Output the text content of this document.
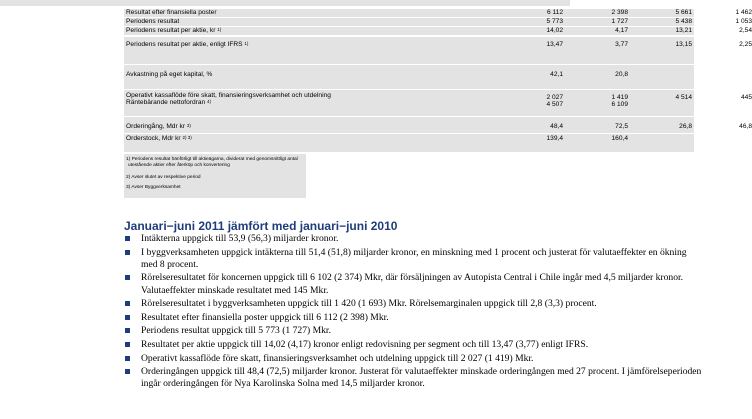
Resultat efter finansiella poster	6 112	2 398	5 661	1 462
Periodens resultat	5 773	1 727	5 438	1 053
Periodens resultat per aktie, kr $^{1)}$	14,02	4,17	13,21	2,54
Periodens resultat per aktie, enligt IFRS $^{1)}$	13,47	3,77	13,15	2,25
Avkastning på eget kapital, %	42,1	20,8
Operativt kassaflöde före skatt, finansieringsverksamhet och utdelning	2 027	1 419	4 514	445
Räntebärande nettofordran $^{4)}$	4 507	6 109
Orderingång, Mdr kr $^{3)}$	48,4	72,5	26,8	46,8
Orderstock, Mdr kr $^{2) 3)}$	139,4	160,4
1) Periodens resultat hänförligt till aktieägarna, dividerat med genomsnittligt antal
utestående aktier efter återköp och konvertering
2) Avser slutet av respektive period
3) Avser Byggverksamhet
Januari−juni 2011 jämfört med januari−juni 2010
Intäkterna uppgick till 53,9 (56,3) miljarder kronor.
I byggverksamheten uppgick intäkterna till 51,4 (51,8) miljarder kronor, en minskning med 1 procent och justerat för valutaeffekter en ökning med 8 procent.
Rörelseresultatet för koncernen uppgick till 6 102 (2 374) Mkr, där försäljningen av Autopista Central i Chile ingår med 4,5 miljarder kronor. Valutaeffekter minskade resultatet med 145 Mkr.
Rörelseresultatet i byggverksamheten uppgick till 1 420 (1 693) Mkr. Rörelsemarginalen uppgick till 2,8 (3,3) procent.
Resultatet efter finansiella poster uppgick till 6 112 (2 398) Mkr.
Periodens resultat uppgick till 5 773 (1 727) Mkr.
Resultatet per aktie uppgick till 14,02 (4,17) kronor enligt redovisning per segment och till 13,47 (3,77) enligt IFRS.
Operativt kassaflöde före skatt, finansieringsverksamhet och utdelning uppgick till 2 027 (1 419) Mkr.
Orderingången uppgick till 48,4 (72,5) miljarder kronor. Justerat för valutaeffekter minskade orderingången med 27 procent. I jämförelseperioden ingår orderingången för Nya Karolinska Solna med 14,5 miljarder kronor.
